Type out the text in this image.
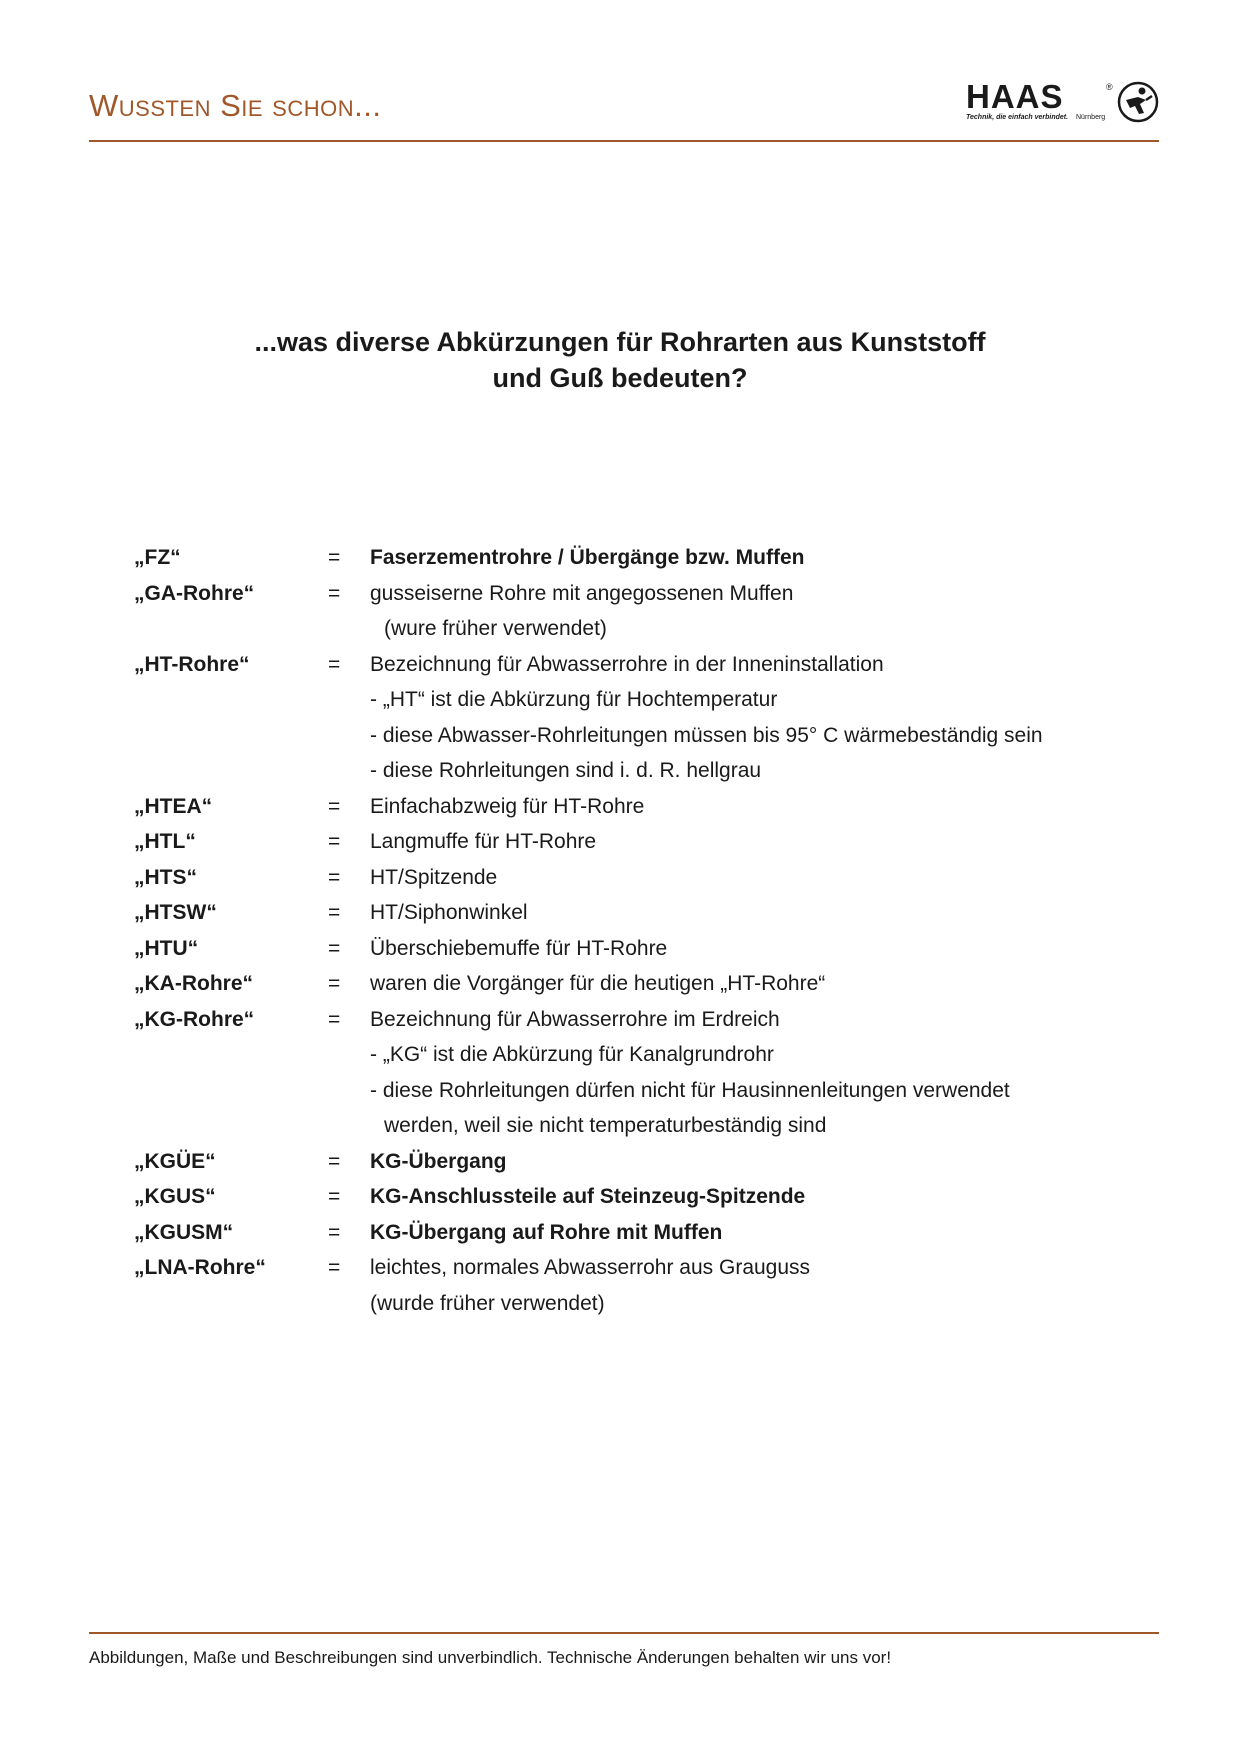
Wussten Sie schon...	HAAS	®
Technik, die einfach verbindet. Nürnberg
...was diverse Abkürzungen für Rohrarten aus Kunststoff
und Guß bedeuten?
„FZ“	= Faserzementrohre / Übergänge bzw. Muffen
„GA-Rohre“	= gusseiserne Rohre mit angegossenen Muffen
(wure früher verwendet)
„HT-Rohre“	= Bezeichnung für Abwasserrohre in der Inneninstallation
- „HT“ ist die Abkürzung für Hochtemperatur
- diese Abwasser-Rohrleitungen müssen bis 95° C wärmebeständig sein
- diese Rohrleitungen sind i. d. R. hellgrau
„HTEA“	= Einfachabzweig für HT-Rohre
„HTL“	= Langmuffe für HT-Rohre
„HTS“	= HT/Spitzende
„HTSW“	= HT/Siphonwinkel
„HTU“	= Überschiebemuffe für HT-Rohre
„KA-Rohre“	= waren die Vorgänger für die heutigen „HT-Rohre“
„KG-Rohre“	= Bezeichnung für Abwasserrohre im Erdreich
- „KG“ ist die Abkürzung für Kanalgrundrohr
- diese Rohrleitungen dürfen nicht für Hausinnenleitungen verwendet
werden, weil sie nicht temperaturbeständig sind
„KGÜE“	= KG-Übergang
„KGUS“	= KG-Anschlussteile auf Steinzeug-Spitzende
„KGUSM“	= KG-Übergang auf Rohre mit Muffen
„LNA-Rohre“	= leichtes, normales Abwasserrohr aus Grauguss
(wurde früher verwendet)
Abbildungen, Maße und Beschreibungen sind unverbindlich. Technische Änderungen behalten wir uns vor!
